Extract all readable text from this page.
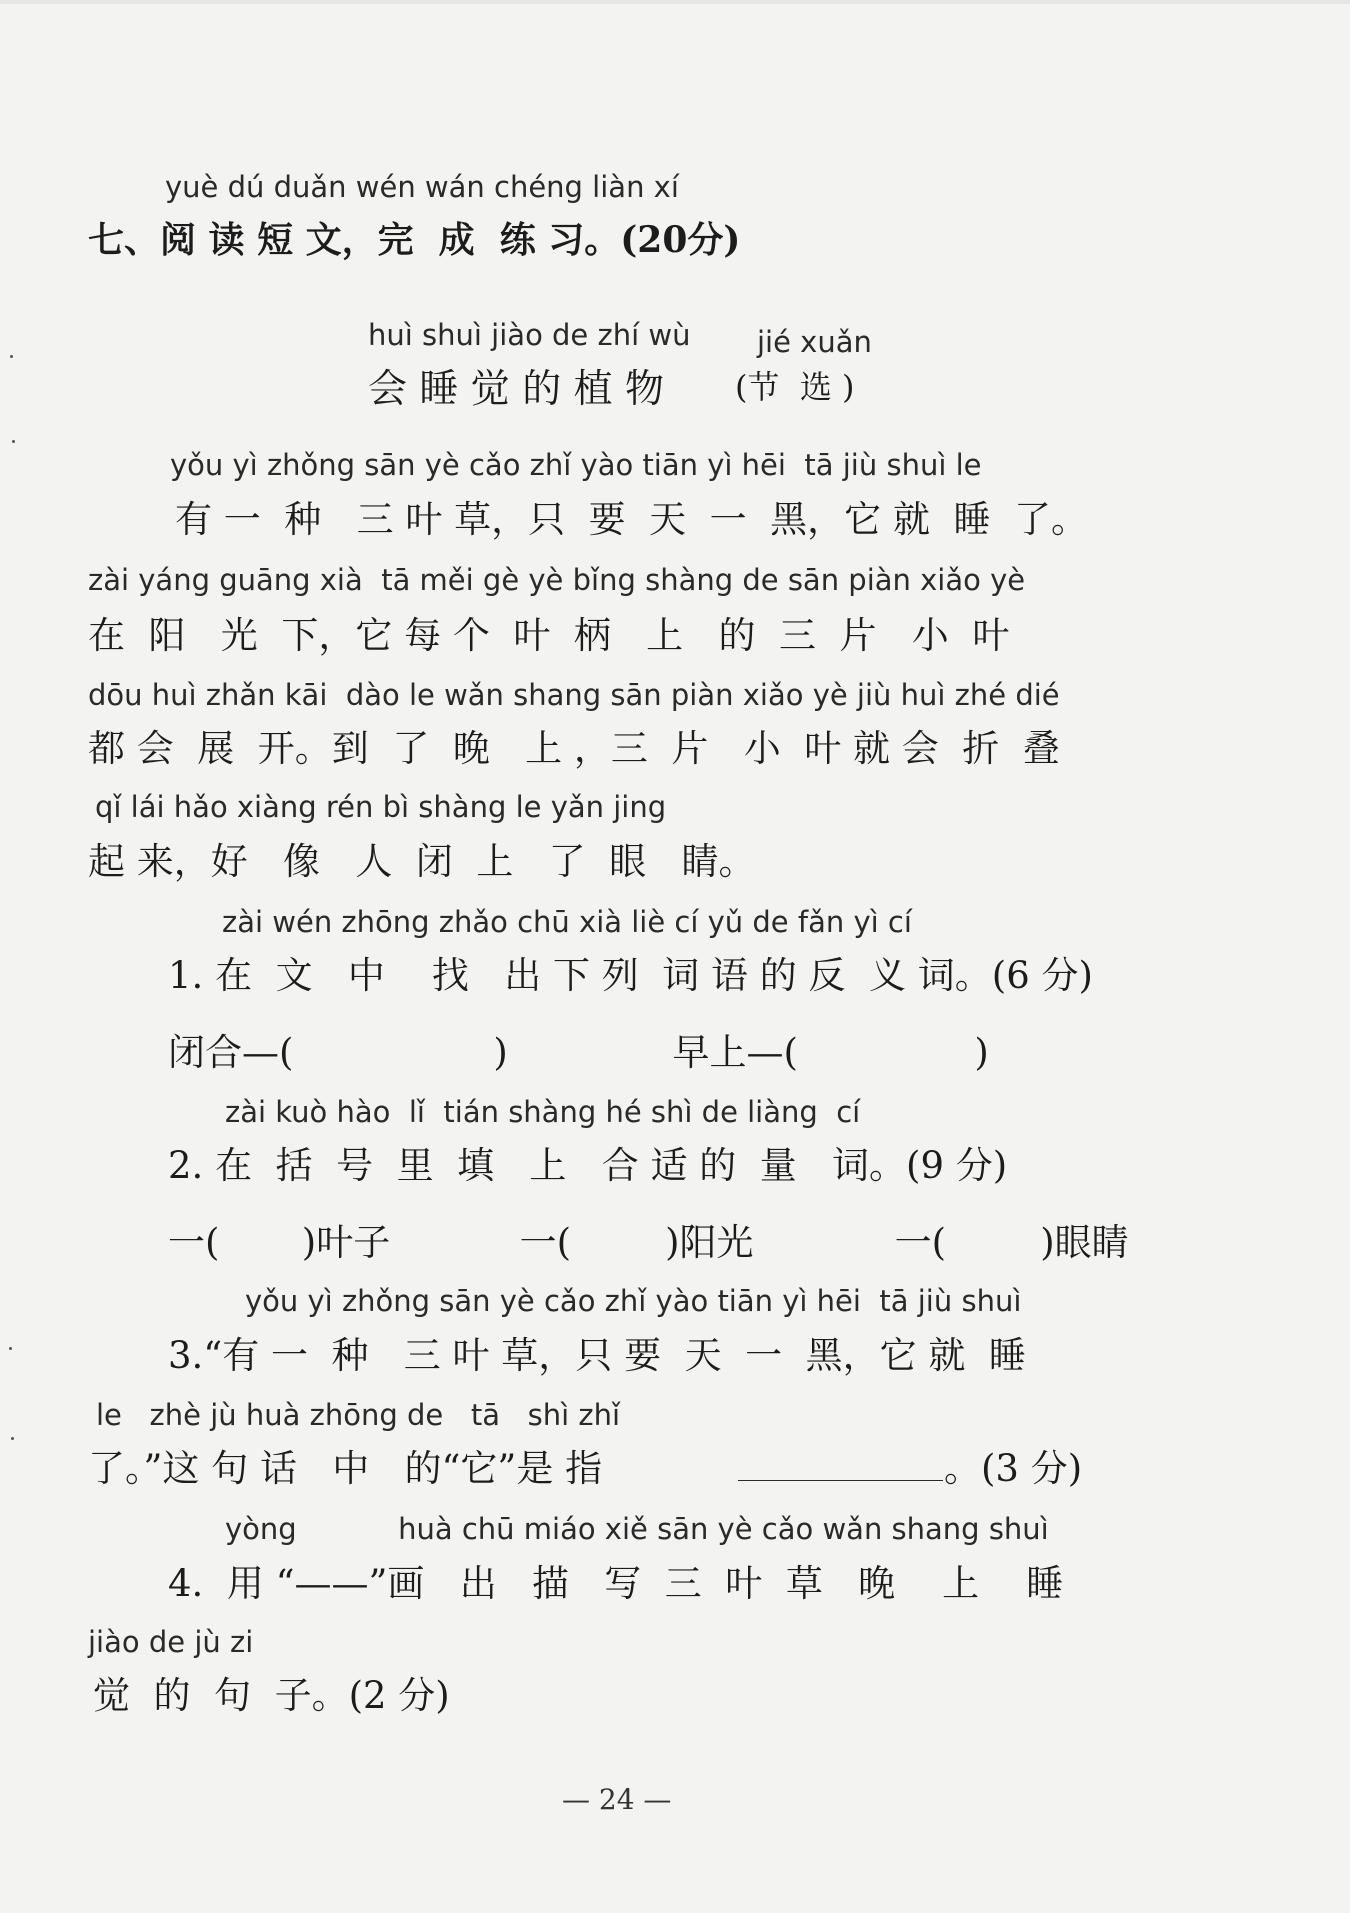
yuè dú duǎn wén wán chéng liàn xí
七、阅 读 短 文，完  成  练 习。(20分)
huì shuì jiào de zhí wù jié xuǎn
会 睡 觉 的 植 物 (节  选 )
yǒu yì zhǒng sān yè cǎo zhǐ yào tiān yì hēi  tā jiù shuì le
有 一  种   三 叶 草，只  要  天  一  黑，它 就  睡  了。
zài yáng guāng xià  tā měi gè yè bǐng shàng de sān piàn xiǎo yè
在  阳   光  下，它 每 个  叶  柄   上   的  三  片   小  叶
dōu huì zhǎn kāi  dào le wǎn shang sān piàn xiǎo yè jiù huì zhé dié
都 会  展  开。到  了  晚   上 ，三  片   小  叶 就 会  折  叠
qǐ lái hǎo xiàng rén bì shàng le yǎn jing
起 来，好   像   人  闭  上   了  眼   睛。
zài wén zhōng zhǎo chū xià liè cí yǔ de fǎn yì cí
1. 在  文   中    找   出 下 列  词 语 的 反  义 词。(6 分)
闭合—(                 )              早上—(               )
zài kuò hào  lǐ  tián shàng hé shì de liàng  cí
2. 在  括  号  里  填   上   合 适 的  量   词。(9 分)
一(       )叶子           一(        )阳光            一(        )眼睛
yǒu yì zhǒng sān yè cǎo zhǐ yào tiān yì hēi  tā jiù shuì
3.“有 一  种   三 叶 草，只 要  天  一  黑，它 就  睡
le   zhè jù huà zhōng de   tā   shì zhǐ
了。”这 句 话   中   的“它”是 指	。(3 分)
yòng           huà chū miáo xiě sān yè cǎo wǎn shang shuì
4.  用 “——”画   出   描   写  三  叶  草   晚    上    睡
jiào de jù zi
觉  的  句  子。(2 分)
— 24 —
